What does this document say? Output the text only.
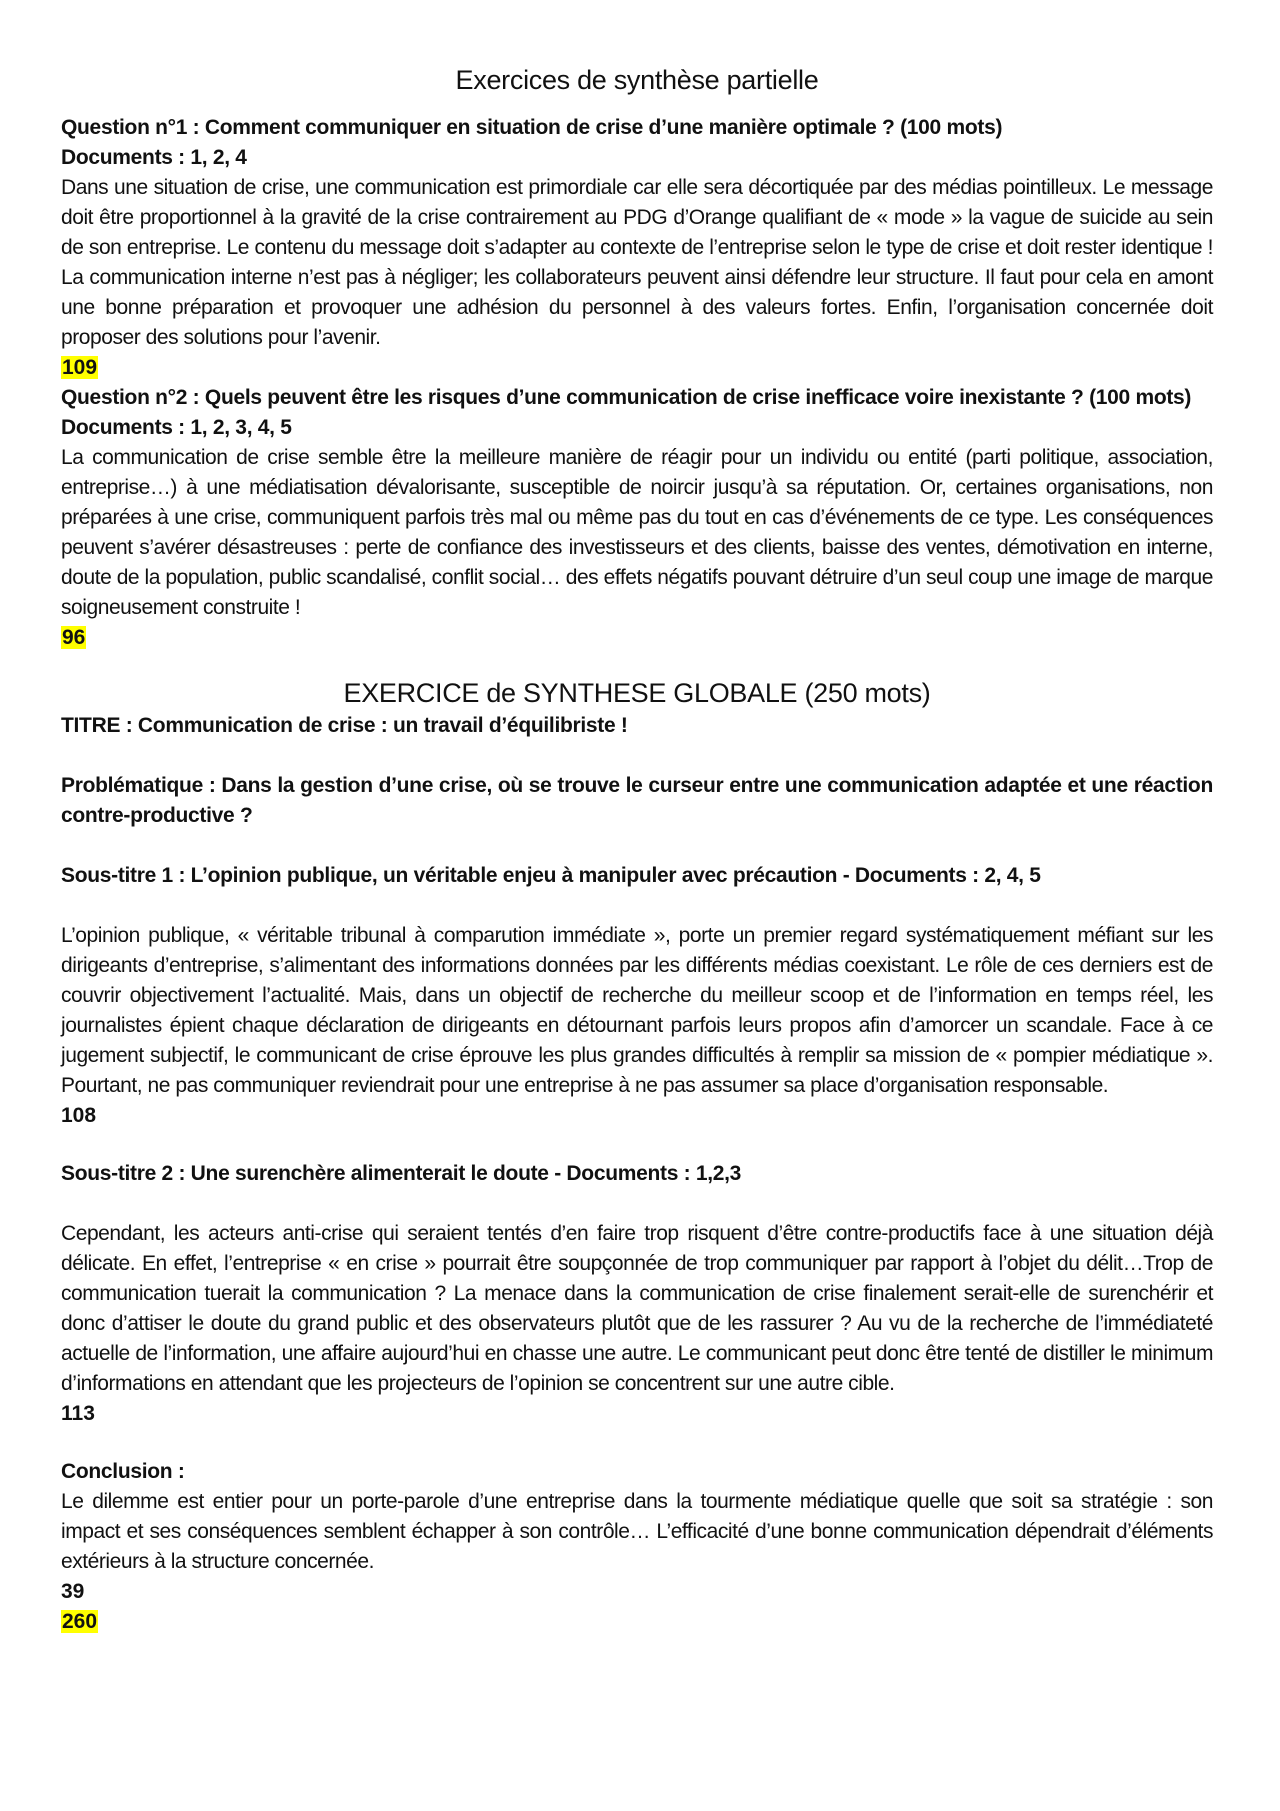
Exercices de synthèse partielle

Question n°1 : Comment communiquer en situation de crise d’une manière optimale ? (100 mots)

Documents : 1, 2, 4

Dans une situation de crise, une communication est primordiale car elle sera décortiquée par des médias pointilleux. Le message doit être proportionnel à la gravité de la crise contrairement au PDG d’Orange qualifiant de « mode » la vague de suicide au sein de son entreprise. Le contenu du message doit s’adapter au contexte de l’entreprise selon le type de crise et doit rester identique ! La communication interne n’est pas à négliger; les collaborateurs peuvent ainsi défendre leur structure. Il faut pour cela en amont une bonne préparation et provoquer une adhésion du personnel à des valeurs fortes. Enfin, l’organisation concernée doit proposer des solutions pour l’avenir.

109

Question n°2 : Quels peuvent être les risques d’une communication de crise inefficace voire inexistante ? (100 mots)

Documents : 1, 2, 3, 4, 5

La communication de crise semble être la meilleure manière de réagir pour un individu ou entité (parti politique, association, entreprise…) à une médiatisation dévalorisante, susceptible de noircir jusqu’à sa réputation. Or, certaines organisations, non préparées à une crise, communiquent parfois très mal ou même pas du tout en cas d’événements de ce type. Les conséquences peuvent s’avérer désastreuses : perte de confiance des investisseurs et des clients, baisse des ventes, démotivation en interne, doute de la population, public scandalisé, conflit social… des effets négatifs pouvant détruire d’un seul coup une image de marque soigneusement construite !

96

EXERCICE de SYNTHESE GLOBALE (250 mots)

TITRE : Communication de crise : un travail d’équilibriste !

Problématique : Dans la gestion d’une crise, où se trouve le curseur entre une communication adaptée et une réaction contre-productive ?

Sous-titre 1 : L’opinion publique, un véritable enjeu à manipuler avec précaution - Documents : 2, 4, 5

L’opinion publique, « véritable tribunal à comparution immédiate », porte un premier regard systématiquement méfiant sur les dirigeants d’entreprise, s’alimentant des informations données par les différents médias coexistant. Le rôle de ces derniers est de couvrir objectivement l’actualité. Mais, dans un objectif de recherche du meilleur scoop et de l’information en temps réel, les journalistes épient chaque déclaration de dirigeants en détournant parfois leurs propos afin d’amorcer un scandale. Face à ce jugement subjectif, le communicant de crise éprouve les plus grandes difficultés à remplir sa mission de « pompier médiatique ». Pourtant, ne pas communiquer reviendrait pour une entreprise à ne pas assumer sa place d’organisation responsable.

108

Sous-titre 2 : Une surenchère alimenterait le doute - Documents : 1,2,3

Cependant, les acteurs anti-crise qui seraient tentés d’en faire trop risquent d’être contre-productifs face à une situation déjà délicate. En effet, l’entreprise « en crise » pourrait être soupçonnée de trop communiquer par rapport à l’objet du délit…Trop de communication tuerait la communication ? La menace dans la communication de crise finalement serait-elle de surenchérir et donc d’attiser le doute du grand public et des observateurs plutôt que de les rassurer ? Au vu de la recherche de l’immédiateté actuelle de l’information, une affaire aujourd’hui en chasse une autre. Le communicant peut donc être tenté de distiller le minimum d’informations en attendant que les projecteurs de l’opinion se concentrent sur une autre cible.

113

Conclusion :

Le dilemme est entier pour un porte-parole d’une entreprise dans la tourmente médiatique quelle que soit sa stratégie : son impact et ses conséquences semblent échapper à son contrôle… L’efficacité d’une bonne communication dépendrait d’éléments extérieurs à la structure concernée.

39

260
